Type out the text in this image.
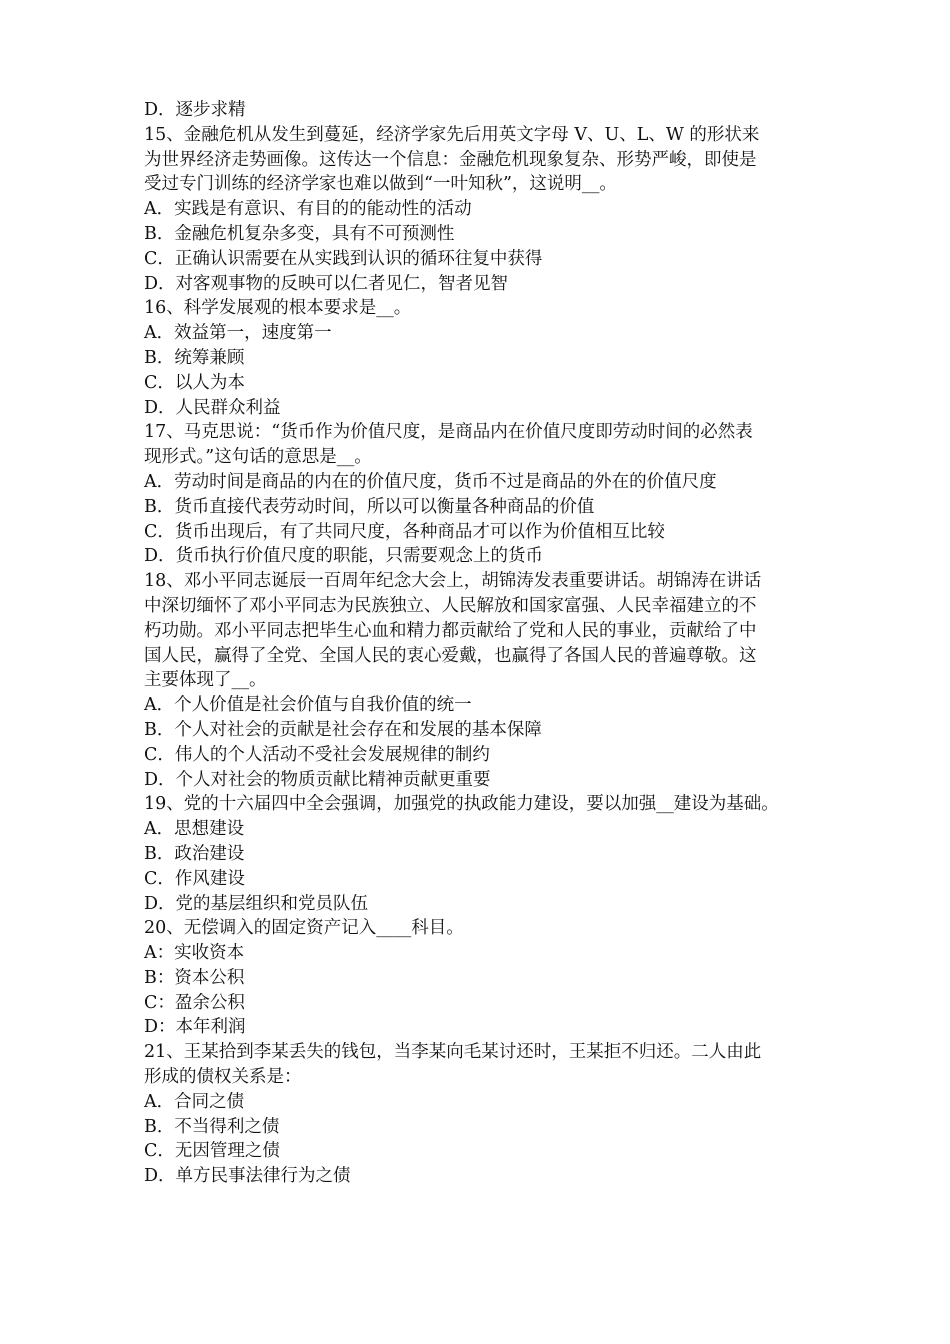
D．逐步求精
15、金融危机从发生到蔓延，经济学家先后用英文字母 V、U、L、W 的形状来
为世界经济走势画像。这传达一个信息：金融危机现象复杂、形势严峻，即使是
受过专门训练的经济学家也难以做到“一叶知秋”，这说明__。
A．实践是有意识、有目的的能动性的活动
B．金融危机复杂多变，具有不可预测性
C．正确认识需要在从实践到认识的循环往复中获得
D．对客观事物的反映可以仁者见仁，智者见智
16、科学发展观的根本要求是__。
A．效益第一，速度第一
B．统筹兼顾
C．以人为本
D．人民群众利益
17、马克思说：“货币作为价值尺度，是商品内在价值尺度即劳动时间的必然表
现形式。”这句话的意思是__。
A．劳动时间是商品的内在的价值尺度，货币不过是商品的外在的价值尺度
B．货币直接代表劳动时间，所以可以衡量各种商品的价值
C．货币出现后，有了共同尺度，各种商品才可以作为价值相互比较
D．货币执行价值尺度的职能，只需要观念上的货币
18、邓小平同志诞辰一百周年纪念大会上，胡锦涛发表重要讲话。胡锦涛在讲话
中深切缅怀了邓小平同志为民族独立、人民解放和国家富强、人民幸福建立的不
朽功勋。邓小平同志把毕生心血和精力都贡献给了党和人民的事业，贡献给了中
国人民，赢得了全党、全国人民的衷心爱戴，也赢得了各国人民的普遍尊敬。这
主要体现了__。
A．个人价值是社会价值与自我价值的统一
B．个人对社会的贡献是社会存在和发展的基本保障
C．伟人的个人活动不受社会发展规律的制约
D．个人对社会的物质贡献比精神贡献更重要
19、党的十六届四中全会强调，加强党的执政能力建设，要以加强__建设为基础。
A．思想建设
B．政治建设
C．作风建设
D．党的基层组织和党员队伍
20、无偿调入的固定资产记入____科目。
A：实收资本
B：资本公积
C：盈余公积
D：本年利润
21、王某拾到李某丢失的钱包，当李某向毛某讨还时，王某拒不归还。二人由此
形成的债权关系是：
A．合同之债
B．不当得利之债
C．无因管理之债
D．单方民事法律行为之债
